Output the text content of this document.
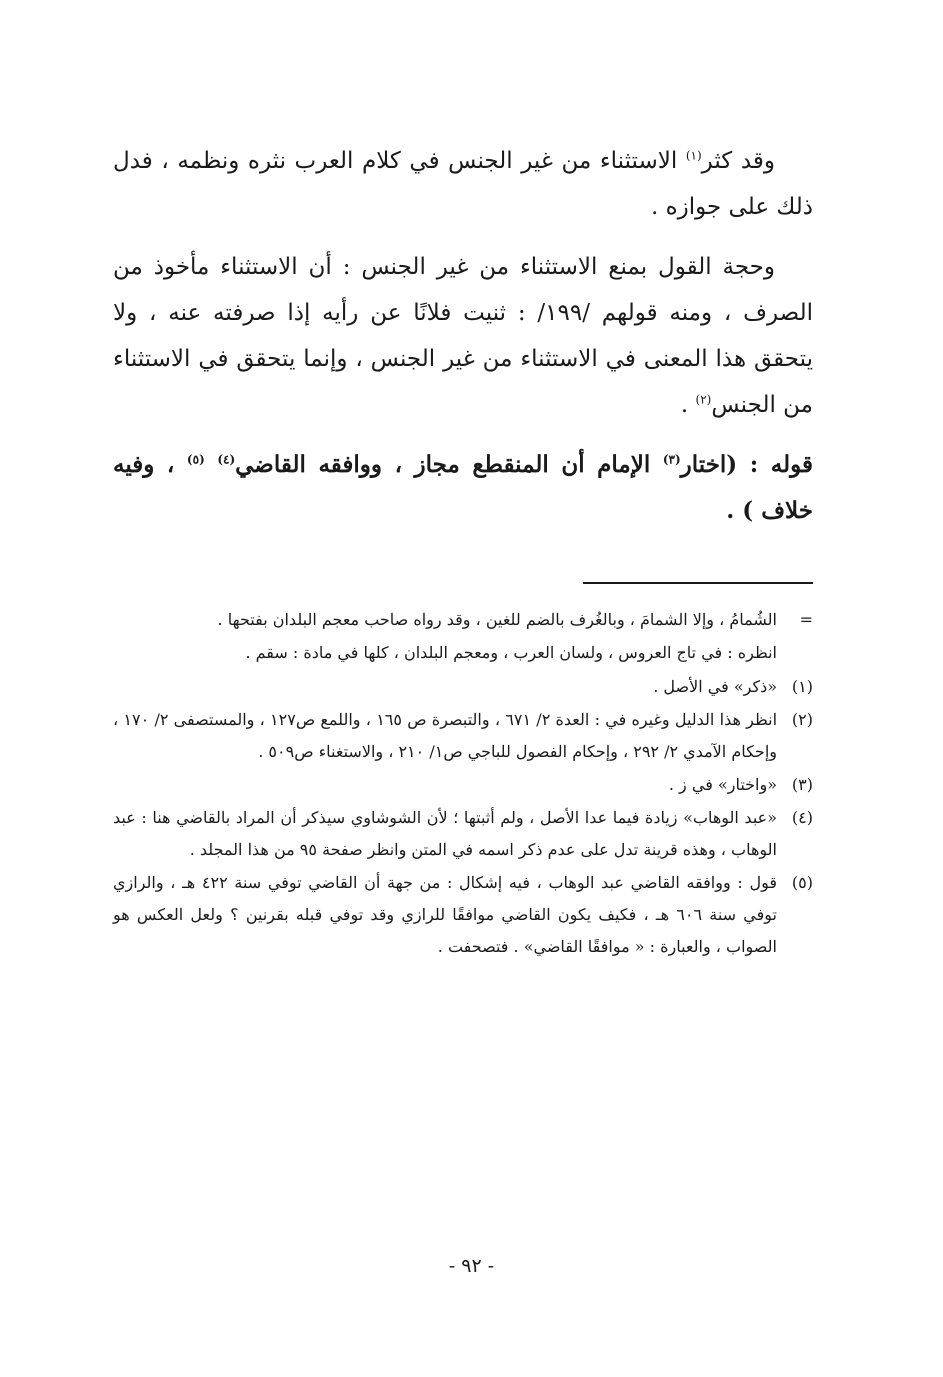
وقد كثر$^{(١)}$ الاستثناء من غير الجنس في كلام العرب نثره ونظمه ، فدل ذلك على جوازه .

وحجة القول بمنع الاستثناء من غير الجنس : أن الاستثناء مأخوذ من الصرف ، ومنه قولهم /١٩٩/ : ثنيت فلانًا عن رأيه إذا صرفته عنه ، ولا يتحقق هذا المعنى في الاستثناء من غير الجنس ، وإنما يتحقق في الاستثناء من الجنس$^{(٢)}$ .

قوله : (اختار$^{(٣)}$ الإمام أن المنقطع مجاز ، ووافقه القاضي$^{(٤)}$ $^{(٥)}$ ، وفيه خلاف ) .

=
الشُمامُ ، وإلا الشمامَ ، وبالغُرف بالضم للغين ، وقد رواه صاحب معجم البلدان بفتحها .
انظره : في تاج العروس ، ولسان العرب ، ومعجم البلدان ، كلها في مادة : سقم .
(١)
«ذكر» في الأصل .
(٢)
انظر هذا الدليل وغيره في : العدة ٢/ ٦٧١ ، والتبصرة ص ١٦٥ ، واللمع ص١٢٧ ، والمستصفى ٢/ ١٧٠ ، وإحكام الآمدي ٢/ ٢٩٢ ، وإحكام الفصول للباجي ص١/ ٢١٠ ، والاستغناء ص٥٠٩ .
(٣)
«واختار» في ز .
(٤)
«عبد الوهاب» زيادة فيما عدا الأصل ، ولم أثبتها ؛ لأن الشوشاوي سيذكر أن المراد بالقاضي هنا : عبد الوهاب ، وهذه قرينة تدل على عدم ذكر اسمه في المتن وانظر صفحة ٩٥ من هذا المجلد .
(٥)
قول : ووافقه القاضي عبد الوهاب ، فيه إشكال : من جهة أن القاضي توفي سنة ٤٢٢ هـ ، والرازي توفي سنة ٦٠٦ هـ ، فكيف يكون القاضي موافقًا للرازي وقد توفي قبله بقرنين ؟ ولعل العكس هو الصواب ، والعبارة : « موافقًا القاضي» . فتصحفت .
- ٩٢ -
